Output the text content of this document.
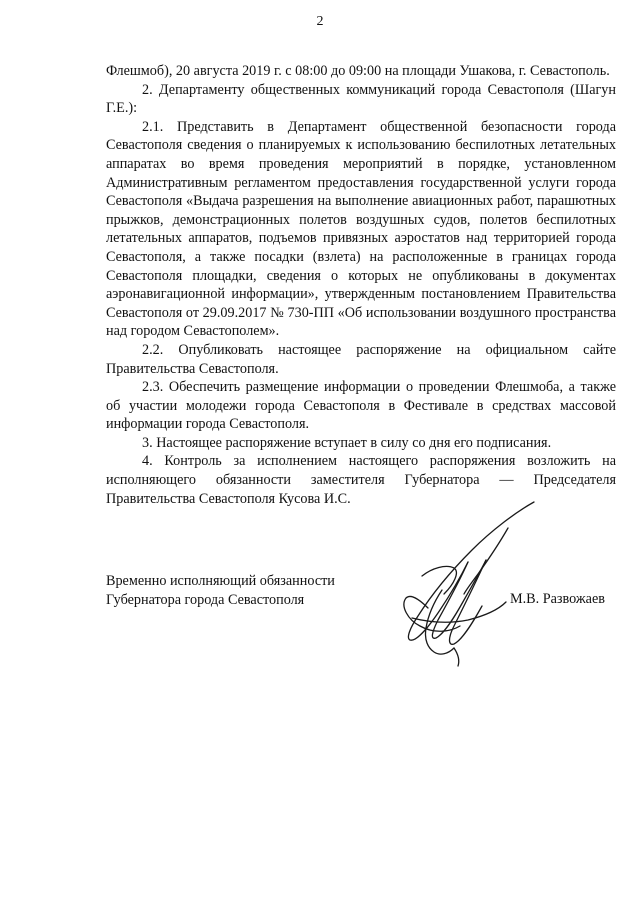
2

Флешмоб), 20 августа 2019 г. с 08:00 до 09:00 на площади Ушакова, г. Севастополь.

2. Департаменту общественных коммуникаций города Севастополя (Шагун Г.Е.):

2.1. Представить в Департамент общественной безопасности города Севастополя сведения о планируемых к использованию беспилотных летательных аппаратах во время проведения мероприятий в порядке, установленном Административным регламентом предоставления государственной услуги города Севастополя «Выдача разрешения на выполнение авиационных работ, парашютных прыжков, демонстрационных полетов воздушных судов, полетов беспилотных летательных аппаратов, подъемов привязных аэростатов над территорией города Севастополя, а также посадки (взлета) на расположенные в границах города Севастополя площадки, сведения о которых не опубликованы в документах аэронавигационной информации», утвержденным постановлением Правительства Севастополя от 29.09.2017 № 730-ПП «Об использовании воздушного пространства над городом Севастополем».

2.2. Опубликовать настоящее распоряжение на официальном сайте Правительства Севастополя.

2.3. Обеспечить размещение информации о проведении Флешмоба, а также об участии молодежи города Севастополя в Фестивале в средствах массовой информации города Севастополя.

3. Настоящее распоряжение вступает в силу со дня его подписания.

4. Контроль за исполнением настоящего распоряжения возложить на исполняющего обязанности заместителя Губернатора — Председателя Правительства Севастополя Кусова И.С.

Временно исполняющий обязанности
Губернатора города Севастополя	М.В. Развожаев
